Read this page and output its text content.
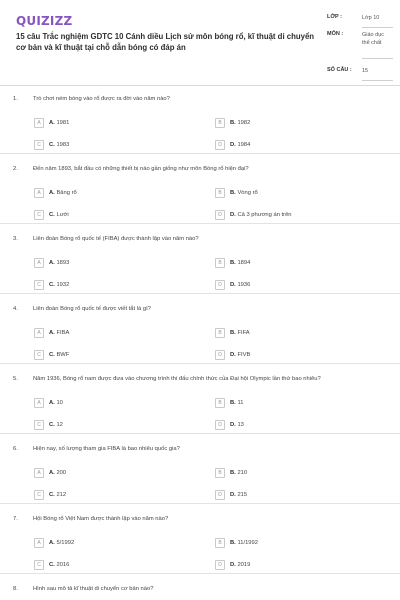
QUIZIZZ
15 câu Trắc nghiệm GDTC 10 Cánh diều Lịch sử môn bóng rổ, kĩ thuật di chuyển cơ bản và kĩ thuật tại chỗ dẫn bóng có đáp án
LỚP :	Lớp 10
MÔN :	Giáo dục thể chất
SỐ CÂU :	15
1.	Trò chơi ném bóng vào rổ được ra đời vào năm nào?
A	A. 1981	B	B. 1982
C	C. 1983	D	D. 1984
2.	Đến năm 1893, bắt đầu có những thiết bị nào gần giống như môn Bóng rổ hiện đại?
A	A. Bảng rổ	B	B. Vòng rổ
C	C. Lưới	D	D. Cả 3 phương án trên
3.	Liên đoàn Bóng rổ quốc tế (FIBA) được thành lập vào năm nào?
A	A. 1893	B	B. 1894
C	C. 1932	D	D. 1936
4.	Liên đoàn Bóng rổ quốc tế được viết tắt là gì?
A	A. FIBA	B	B. FIFA
C	C. BWF	D	D. FIVB
5.	Năm 1936, Bóng rổ nam được đưa vào chương trình thi đấu chính thức của Đại hội Olympic lần thứ bao nhiêu?
A	A. 10	B	B. 11
C	C. 12	D	D. 13
6.	Hiện nay, số lượng tham gia FIBA là bao nhiêu quốc gia?
A	A. 200	B	B. 210
C	C. 212	D	D. 215
7.	Hội Bóng rổ Việt Nam được thành lập vào năm nào?
A	A. 5/1992	B	B. 11/1992
C	C. 2016	D	D. 2019
8.	Hình sau mô tả kĩ thuật di chuyển cơ bản nào?
